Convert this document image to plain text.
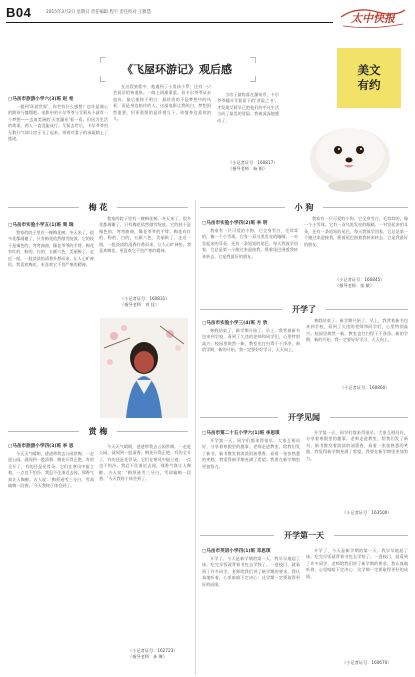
B04	2015年3月2日 星期日 责任编辑 程宇 责任校对 王雅慧	太中快报
美文
有约
《飞屋环游记》观后感
□马岳市旅游小学六(3)班 赵 希
一提到'环游世界'，你会有什么感想？也许是满心的期待与憧憬吧。电影中的卡尔爷爷与艾莉从小就有一个梦想——去南美洲的'天堂瀑布'看一看。但因为生活的琐事，两人一直没能成行。艾莉去世后，卡尔爷爷用无数只气球让房子飞了起来，带着对妻子的承诺踏上了旅途。
在这段旅程中，他遇到了小男孩小罗，还有一只会说话的狗道格。一路上困难重重，但卡尔爷爷从未放弃。最后他终于明白：最珍贵的不是梦想中的风景，而是身边陪伴的人。这部电影让我明白，梦想固然重要，但更重要的是珍惜当下，珍惜身边爱你的人。
当房子最终落在瀑布旁，卡尔爷爷翻开艾莉留下的'冒险之书'，才发现艾莉早已把他们的平凡生活当成了最美的冒险。我被深深地感动了。
（小记者证号：160817）
（指导老师：杨 娟）
梅 花	小 狗
□马岳市实验小学五(1)班 周 瑞
我家的院子里有一棵梅花树。冬天来了，很多花都凋谢了，只有梅花依然傲雪绽放。它的枝干是褐色的，弯弯曲曲，像老爷爷的手臂。梅花有红的、粉的、白的，五颜六色，美丽极了。走近一闻，一股淡淡的清香扑鼻而来，让人心旷神怡。我喜欢梅花，更喜欢它不畏严寒的精神。
我家的院子里有一棵梅花树。冬天来了，很多花都凋谢了，只有梅花依然傲雪绽放。它的枝干是褐色的，弯弯曲曲，像老爷爷的手臂。梅花有红的、粉的、白的，五颜六色，美丽极了。走近一闻，一股淡淡的清香扑鼻而来，让人心旷神怡。我喜欢梅花，更喜欢它不畏严寒的精神。
（小记者证号：160831）
（指导老师：刘 佳）
□马岳市实验小学四(2)班 李 明
我家有一只可爱的小狗，它全身雪白，毛茸茸的，像一个小雪球。它有一双乌黑发亮的眼睛，一对竖起来的耳朵，还有一条短短的尾巴。每天我放学回家，它总是第一个跑过来迎接我，摇着尾巴围着我转来转去。它是我最好的朋友。
我家有一只可爱的小狗，它全身雪白，毛茸茸的，像一个小雪球。它有一双乌黑发亮的眼睛，一对竖起来的耳朵，还有一条短短的尾巴。每天我放学回家，它总是第一个跑过来迎接我，摇着尾巴围着我转来转去。它是我最好的朋友。
（小记者证号：160845）
（指导老师：张 敏）
开学了
□马岳市实验小学三(4)班 方 欣
寒假结束了，新学期开始了。早上，我背着新书包来到学校，看到了久违的老师和同学们，心里特别高兴。校园里焕然一新，教室也打扫得干干净净。新的学期，新的开始，我一定要好好学习，天天向上。
寒假结束了，新学期开始了。早上，我背着新书包来到学校，看到了久违的老师和同学们，心里特别高兴。校园里焕然一新，教室也打扫得干干净净。新的学期，新的开始，我一定要好好学习，天天向上。
（小记者证号：160860）
赏 梅
□马岳市旅游小学四(3)班 李 思
今天天气晴朗，爸爸带我去公园赏梅。一走进公园，就闻到一股清香。梅花开得正艳，有的全开了，有的还是花骨朵。它们在寒风中挺立着，一点也不怕冷。我忍不住凑近去闻，那香气真让人陶醉。古人说：'梅须逊雪三分白，雪却输梅一段香。'今天我终于体会到了。
今天天气晴朗，爸爸带我去公园赏梅。一走进公园，就闻到一股清香。梅花开得正艳，有的全开了，有的还是花骨朵。它们在寒风中挺立着，一点也不怕冷。我忍不住凑近去闻，那香气真让人陶醉。古人说：'梅须逊雪三分白，雪却输梅一段香。'今天我终于体会到了。
（小记者证号：162723）
（指导老师：孙 琳）
开学见闻
□马岳市第二十五小学六(1)班 李思琪
开学第一天，同学们都来得很早。大家互相问好，分享着寒假里的趣事。老师走进教室，给我们发了新书，新书散发着淡淡的油墨香。看着一张张熟悉的笑脸，我觉得新学期充满了希望。我要在新学期里更加努力。
开学第一天，同学们都来得很早。大家互相问好，分享着寒假里的趣事。老师走进教室，给我们发了新书，新书散发着淡淡的油墨香。看着一张张熟悉的笑脸，我觉得新学期充满了希望。我要在新学期里更加努力。
（小记者证号：163500）
开学第一天
□马岳市英语小学四(1)班 邓思琪
开学了，今天是新学期的第一天。我早早地起了床，吃完早饭就背着书包去学校了。一进校门，就看到了许多同学。老师给我们讲了新学期的要求，我认真地听着，心里暗暗下定决心：这学期一定要取得更好的成绩。
开学了，今天是新学期的第一天。我早早地起了床，吃完早饭就背着书包去学校了。一进校门，就看到了许多同学。老师给我们讲了新学期的要求，我认真地听着，心里暗暗下定决心：这学期一定要取得更好的成绩。
（小记者证号：160670）
